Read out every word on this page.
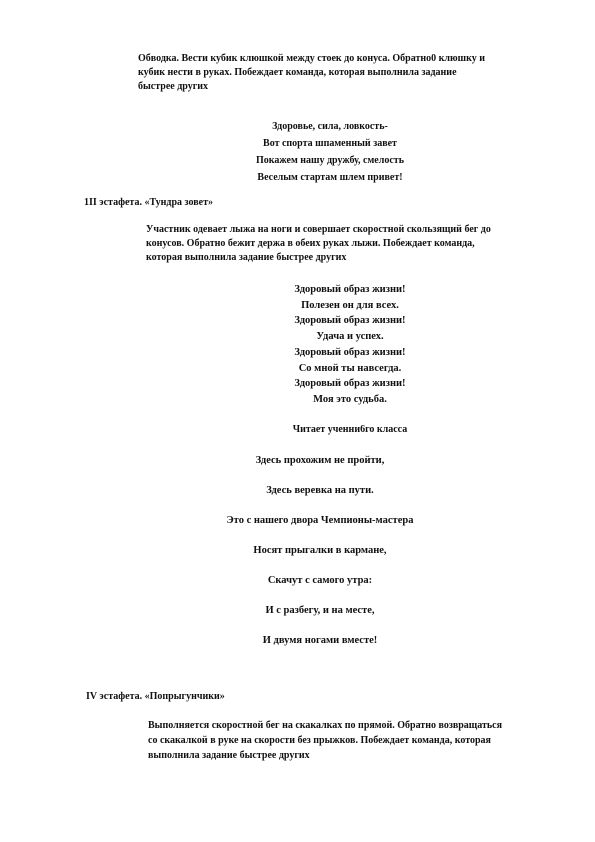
Обводка. Вести кубик клюшкой между стоек до конуса. Обратно0 клюшку и
кубик нести в руках. Побеждает команда, которая выполнила задание
быстрее других
Здоровье, сила, ловкость-
Вот спорта шпаменный завет
Покажем нашу дружбу, смелость
Веселым стартам шлем привет!
1II эстафета. «Тундра зовет»
Участник одевает лыжа на ноги и совершает скоростной скользящий бег до
конусов. Обратно бежит держа в обеих руках лыжи. Побеждает команда,
которая выполнила задание быстрее других
Здоровый образ жизни!
Полезен он для всех.
Здоровый образ жизни!
Удача и успех.
Здоровый образ жизни!
Со мной ты навсегда.
Здоровый образ жизни!
Моя это судьба.
Читает ученни6го класса
Здесь прохожим не пройти,
Здесь веревка на пути.
Это с нашего двора Чемпионы-мастера
Носят прыгалки в кармане,
Скачут с самого утра:
И с разбегу, и на месте,
И двумя ногами вместе!
IV эстафета. «Попрыгунчики»
Выполняется скоростной бег на скакалках по прямой. Обратно возвращаться
со скакалкой в руке на скорости без прыжков. Побеждает команда, которая
выполнила задание быстрее других
